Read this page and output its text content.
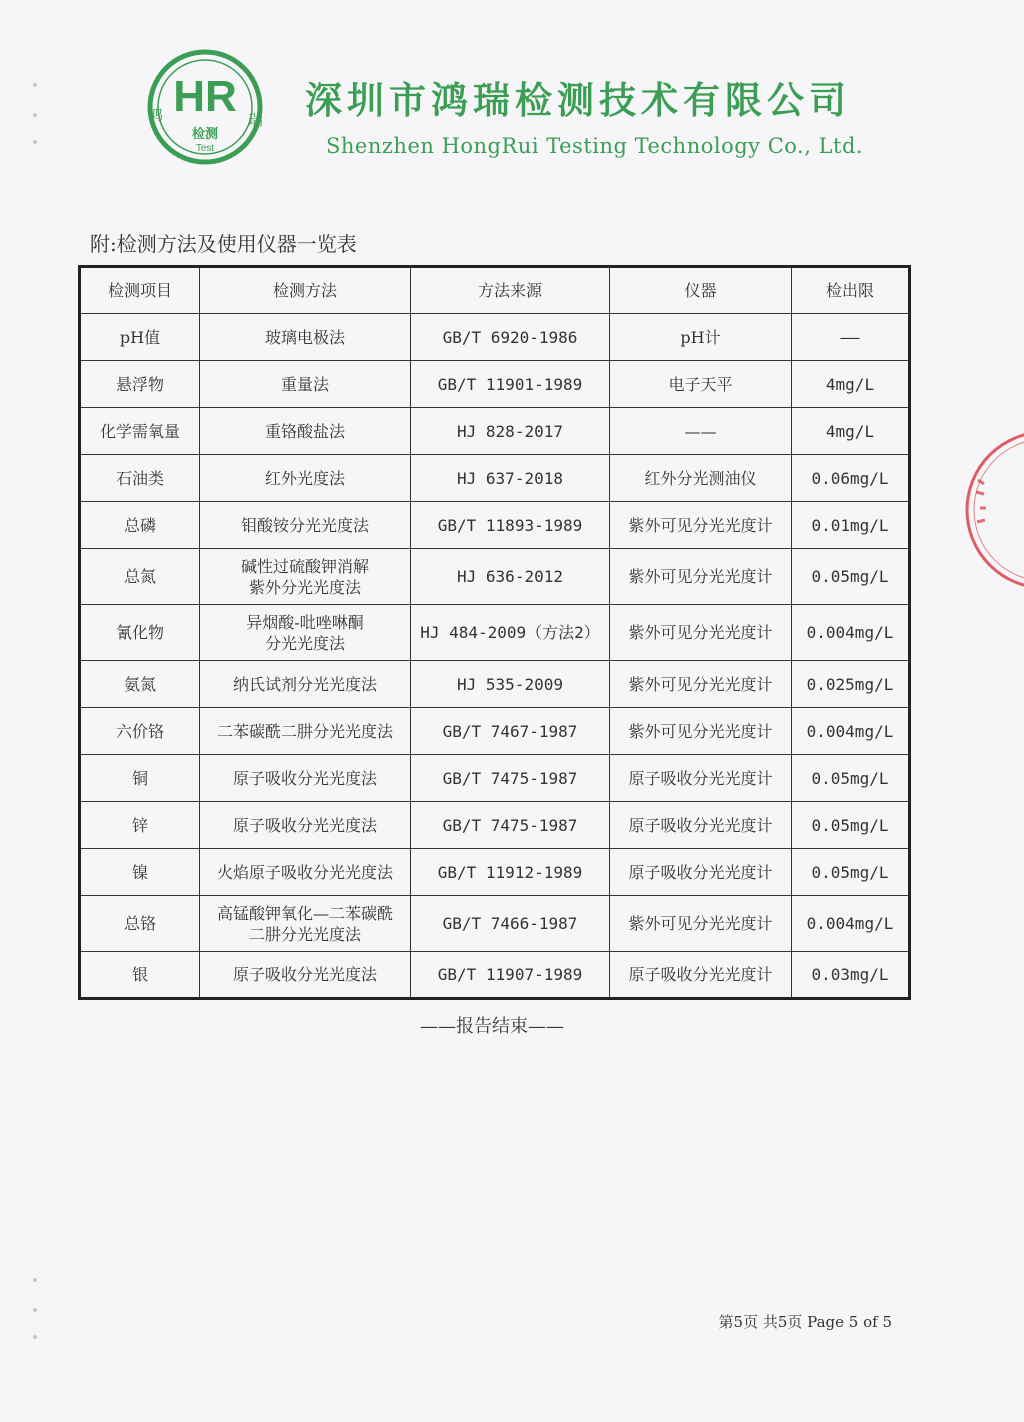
HR
鸿	瑞
检测
Test
深圳市鸿瑞检测技术有限公司
Shenzhen HongRui Testing Technology Co., Ltd.
附:检测方法及使用仪器一览表
检测项目	检测方法	方法来源	仪器	检出限
pH值	玻璃电极法	GB/T 6920-1986	pH计	——
悬浮物	重量法	GB/T 11901-1989	电子天平	4mg/L
化学需氧量	重铬酸盐法	HJ 828-2017	——	4mg/L
石油类	红外光度法	HJ 637-2018	红外分光测油仪	0.06mg/L
总磷	钼酸铵分光光度法	GB/T 11893-1989	紫外可见分光光度计	0.01mg/L
总氮	碱性过硫酸钾消解
紫外分光光度法	HJ 636-2012	紫外可见分光光度计	0.05mg/L
氰化物	异烟酸-吡唑啉酮
分光光度法	HJ 484-2009（方法2）	紫外可见分光光度计	0.004mg/L
氨氮	纳氏试剂分光光度法	HJ 535-2009	紫外可见分光光度计	0.025mg/L
六价铬	二苯碳酰二肼分光光度法	GB/T 7467-1987	紫外可见分光光度计	0.004mg/L
铜	原子吸收分光光度法	GB/T 7475-1987	原子吸收分光光度计	0.05mg/L
锌	原子吸收分光光度法	GB/T 7475-1987	原子吸收分光光度计	0.05mg/L
镍	火焰原子吸收分光光度法	GB/T 11912-1989	原子吸收分光光度计	0.05mg/L
总铬	高锰酸钾氧化—二苯碳酰
二肼分光光度法	GB/T 7466-1987	紫外可见分光光度计	0.004mg/L
银	原子吸收分光光度法	GB/T 11907-1989	原子吸收分光光度计	0.03mg/L
——报告结束——
第5页 共5页 Page 5 of 5
